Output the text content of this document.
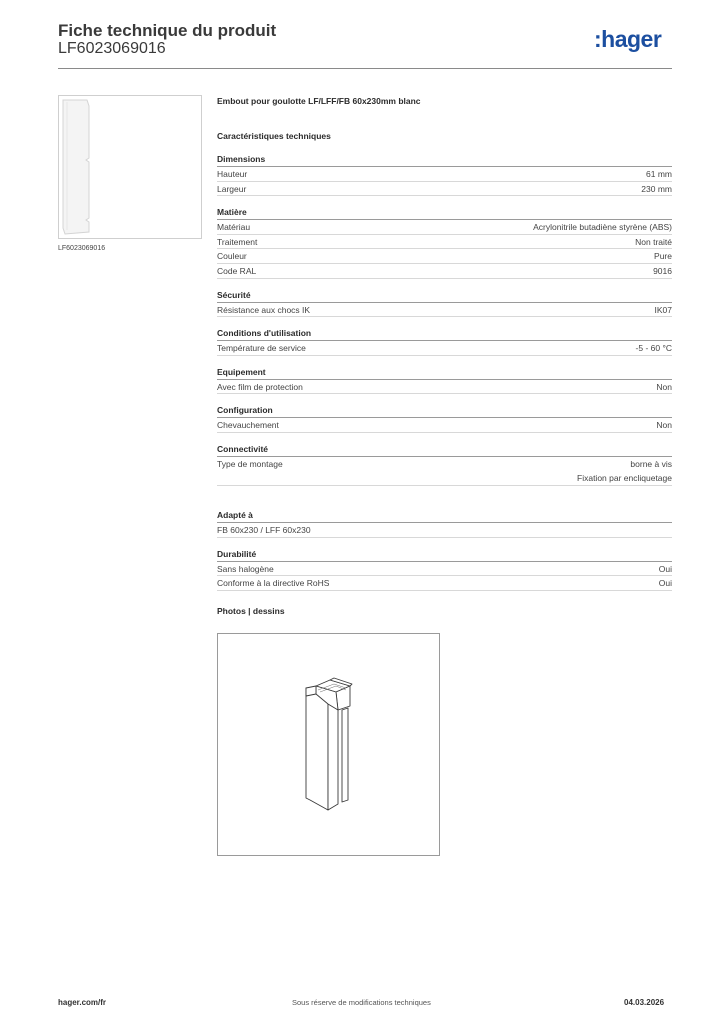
Fiche technique du produit
LF6023069016	:hager
LF6023069016
Embout pour goulotte LF/LFF/FB 60x230mm blanc
Caractéristiques techniques
Dimensions
Hauteur	61 mm
Largeur	230 mm
Matière
Matériau	Acrylonitrile butadiène styrène (ABS)
Traitement	Non traité
Couleur	Pure
Code RAL	9016
Sécurité
Résistance aux chocs IK	IK07
Conditions d'utilisation
Température de service	-5 - 60 °C
Equipement
Avec film de protection	Non
Configuration
Chevauchement	Non
Connectivité
Type de montage	borne à vis
Fixation par encliquetage
Adapté à
FB 60x230 / LFF 60x230
Durabilité
Sans halogène	Oui
Conforme à la directive RoHS	Oui
Photos | dessins
hager.com/fr	Sous réserve de modifications techniques	04.03.2026
